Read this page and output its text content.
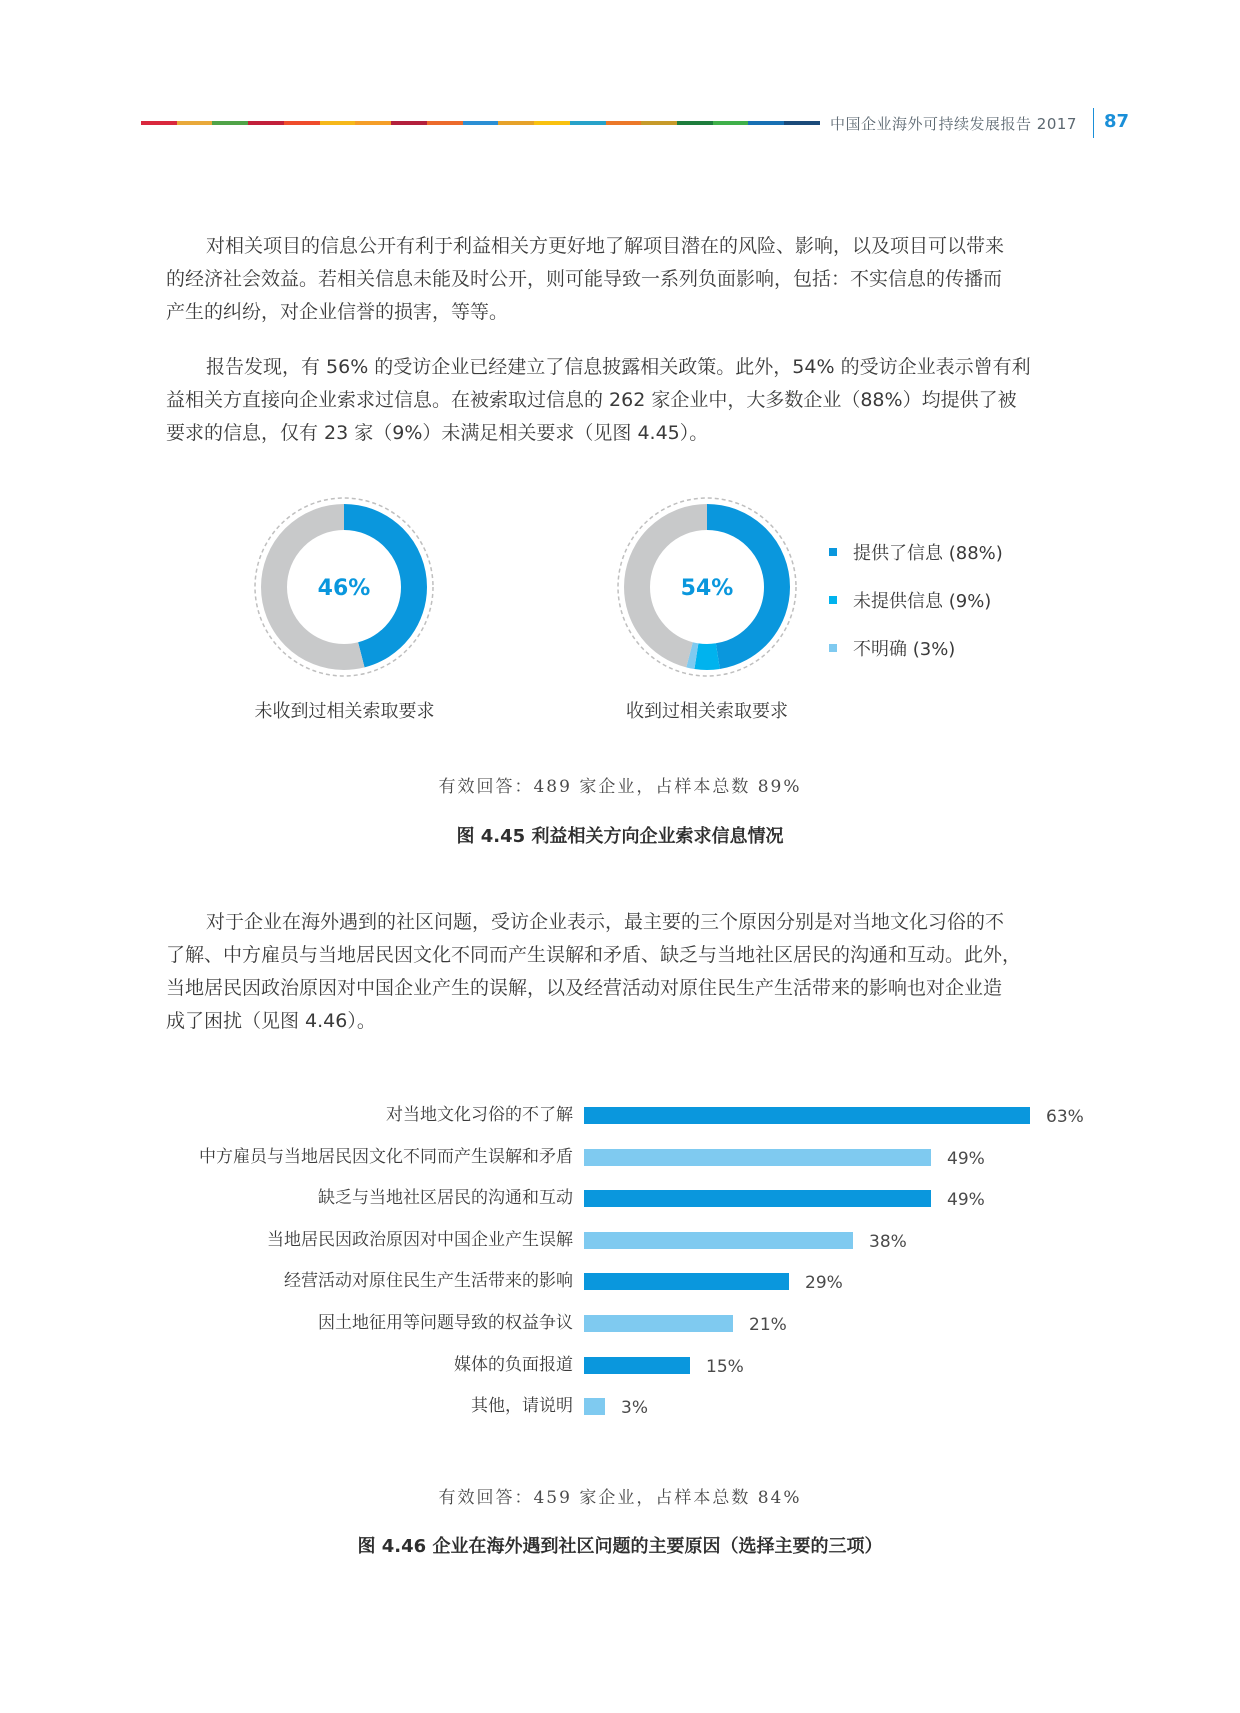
中国企业海外可持续发展报告 2017 87

对相关项目的信息公开有利于利益相关方更好地了解项目潜在的风险、影响，以及项目可以带来
的经济社会效益。若相关信息未能及时公开，则可能导致一系列负面影响，包括：不实信息的传播而
产生的纠纷，对企业信誉的损害，等等。

报告发现，有 56% 的受访企业已经建立了信息披露相关政策。此外，54% 的受访企业表示曾有利
益相关方直接向企业索求过信息。在被索取过信息的 262 家企业中，大多数企业（88%）均提供了被
要求的信息，仅有 23 家（9%）未满足相关要求（见图 4.45）。

46%
未收到过相关索取要求
54%
收到过相关索取要求
提供了信息 (88%)
未提供信息 (9%)
不明确 (3%)
有效回答：489 家企业，占样本总数 89%
图 4.45 利益相关方向企业索求信息情况

对于企业在海外遇到的社区问题，受访企业表示，最主要的三个原因分别是对当地文化习俗的不
了解、中方雇员与当地居民因文化不同而产生误解和矛盾、缺乏与当地社区居民的沟通和互动。此外，
当地居民因政治原因对中国企业产生的误解，以及经营活动对原住民生产生活带来的影响也对企业造
成了困扰（见图 4.46）。

对当地文化习俗的不了解	63%
中方雇员与当地居民因文化不同而产生误解和矛盾	49%
缺乏与当地社区居民的沟通和互动	49%
当地居民因政治原因对中国企业产生误解	38%
经营活动对原住民生产生活带来的影响	29%
因土地征用等问题导致的权益争议	21%
媒体的负面报道	15%
其他，请说明	3%
有效回答：459 家企业，占样本总数 84%
图 4.46 企业在海外遇到社区问题的主要原因（选择主要的三项）
